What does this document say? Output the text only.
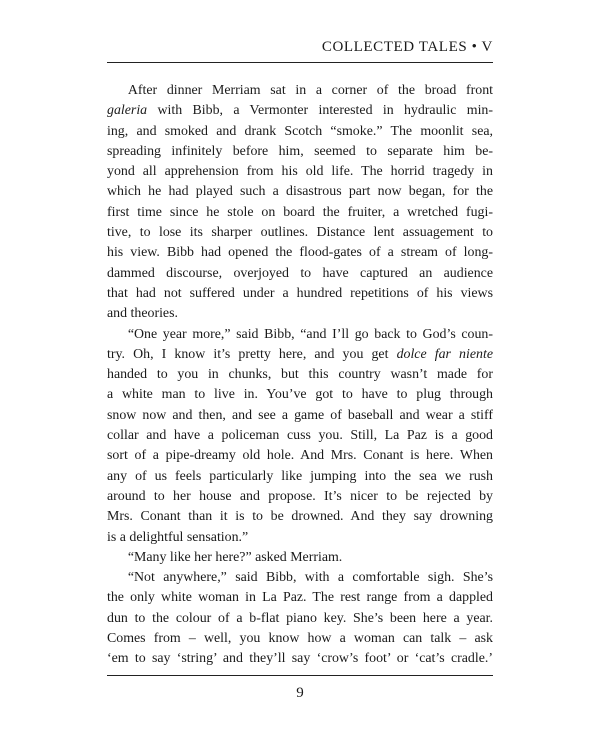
COLLECTED TALES • V
  After dinner Merriam sat in a corner of the broad front
galeria with Bibb, a Vermonter interested in hydraulic min-
ing, and smoked and drank Scotch “smoke.” The moonlit sea,
spreading infinitely before him, seemed to separate him be-
yond all apprehension from his old life. The horrid tragedy in
which he had played such a disastrous part now began, for the
first time since he stole on board the fruiter, a wretched fugi-
tive, to lose its sharper outlines. Distance lent assuagement to
his view. Bibb had opened the flood-gates of a stream of long-
dammed discourse, overjoyed to have captured an audience
that had not suffered under a hundred repetitions of his views
and theories.
  “One year more,” said Bibb, “and I’ll go back to God’s coun-
try. Oh, I know it’s pretty here, and you get dolce far niente
handed to you in chunks, but this country wasn’t made for
a white man to live in. You’ve got to have to plug through
snow now and then, and see a game of baseball and wear a stiff
collar and have a policeman cuss you. Still, La Paz is a good
sort of a pipe-dreamy old hole. And Mrs. Conant is here. When
any of us feels particularly like jumping into the sea we rush
around to her house and propose. It’s nicer to be rejected by
Mrs. Conant than it is to be drowned. And they say drowning
is a delightful sensation.”
  “Many like her here?” asked Merriam.
  “Not anywhere,” said Bibb, with a comfortable sigh. She’s
the only white woman in La Paz. The rest range from a dappled
dun to the colour of a b-flat piano key. She’s been here a year.
Comes from – well, you know how a woman can talk – ask
‘em to say ‘string’ and they’ll say ‘crow’s foot’ or ‘cat’s cradle.’
9
